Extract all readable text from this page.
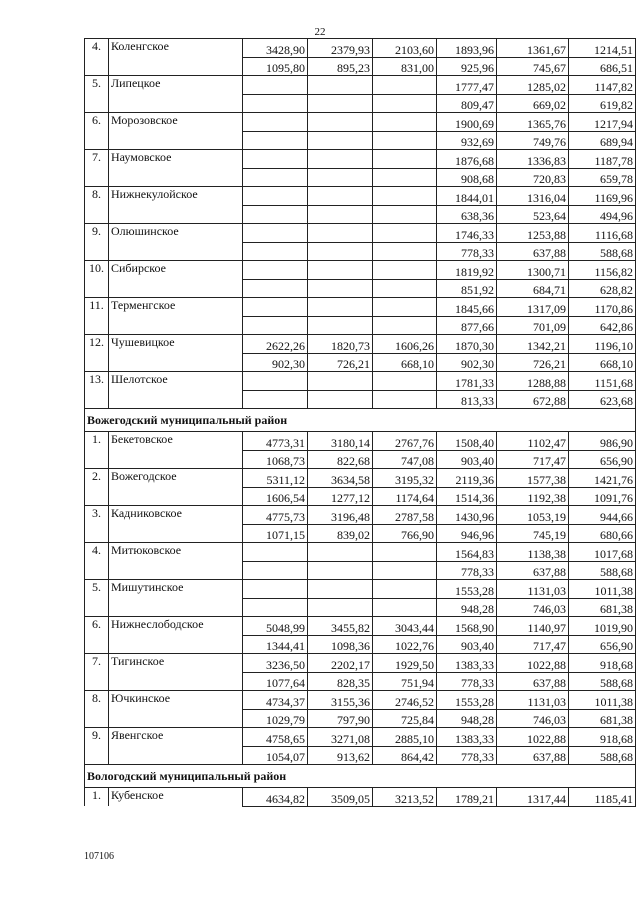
22
4.	Коленгское	3428,90	2379,93	2103,60	1893,96	1361,67	1214,51
		1095,80	895,23	831,00	925,96	745,67	686,51
5.	Липецкое				1777,47	1285,02	1147,82
					809,47	669,02	619,82
6.	Морозовское				1900,69	1365,76	1217,94
					932,69	749,76	689,94
7.	Наумовское				1876,68	1336,83	1187,78
					908,68	720,83	659,78
8.	Нижнекулойское				1844,01	1316,04	1169,96
					638,36	523,64	494,96
9.	Олюшинское				1746,33	1253,88	1116,68
					778,33	637,88	588,68
10.	Сибирское				1819,92	1300,71	1156,82
					851,92	684,71	628,82
11.	Терменгское				1845,66	1317,09	1170,86
					877,66	701,09	642,86
12.	Чушевицкое	2622,26	1820,73	1606,26	1870,30	1342,21	1196,10
		902,30	726,21	668,10	902,30	726,21	668,10
13.	Шелотское				1781,33	1288,88	1151,68
					813,33	672,88	623,68
Вожегодский муниципальный район							
1.	Бекетовское	4773,31	3180,14	2767,76	1508,40	1102,47	986,90
		1068,73	822,68	747,08	903,40	717,47	656,90
2.	Вожегодское	5311,12	3634,58	3195,32	2119,36	1577,38	1421,76
		1606,54	1277,12	1174,64	1514,36	1192,38	1091,76
3.	Кадниковское	4775,73	3196,48	2787,58	1430,96	1053,19	944,66
		1071,15	839,02	766,90	946,96	745,19	680,66
4.	Митюковское				1564,83	1138,38	1017,68
					778,33	637,88	588,68
5.	Мишутинское				1553,28	1131,03	1011,38
					948,28	746,03	681,38
6.	Нижнеслободское	5048,99	3455,82	3043,44	1568,90	1140,97	1019,90
		1344,41	1098,36	1022,76	903,40	717,47	656,90
7.	Тигинское	3236,50	2202,17	1929,50	1383,33	1022,88	918,68
		1077,64	828,35	751,94	778,33	637,88	588,68
8.	Ючкинское	4734,37	3155,36	2746,52	1553,28	1131,03	1011,38
		1029,79	797,90	725,84	948,28	746,03	681,38
9.	Явенгское	4758,65	3271,08	2885,10	1383,33	1022,88	918,68
		1054,07	913,62	864,42	778,33	637,88	588,68
Вологодский муниципальный район							
1.	Кубенское	4634,82	3509,05	3213,52	1789,21	1317,44	1185,41
107106
